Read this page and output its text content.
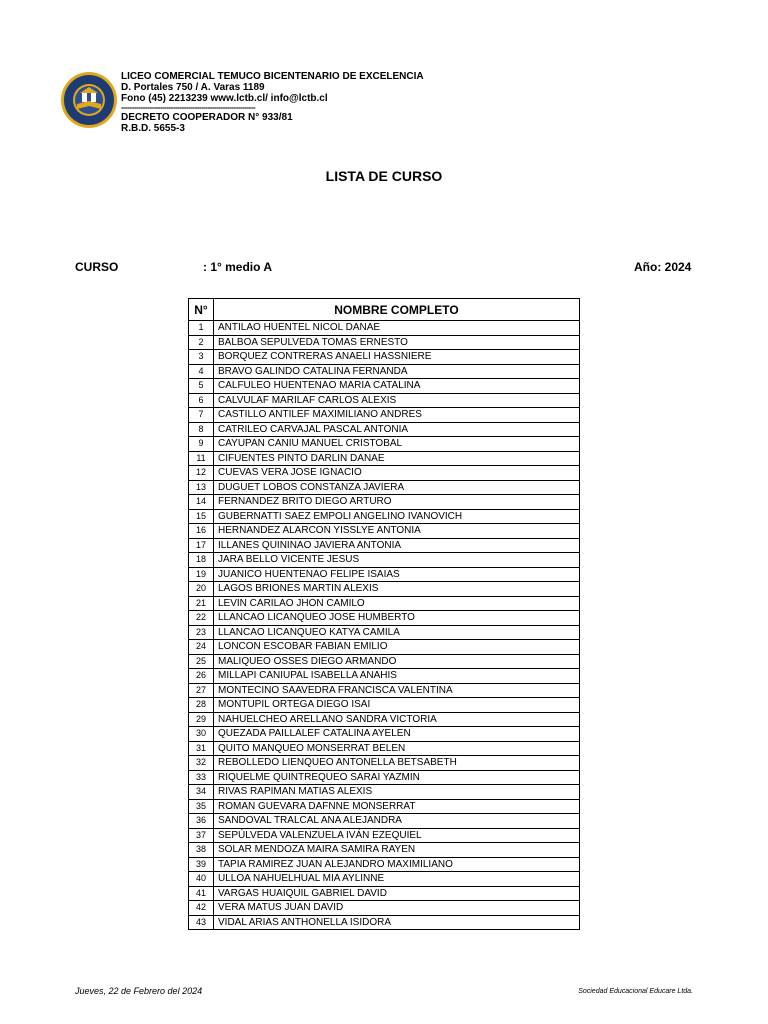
LICEO COMERCIAL TEMUCO BICENTENARIO DE EXCELENCIA
D. Portales 750 / A. Varas 1189
Fono (45) 2213239 www.lctb.cl/ info@lctb.cl
--------------------------------------------------------------
DECRETO COOPERADOR N° 933/81
R.B.D. 5655-3
LISTA DE CURSO
CURSO	: 1° medio A	Año: 2024
N°	NOMBRE COMPLETO
1	ANTILAO HUENTEL NICOL DANAE
2	BALBOA SEPULVEDA TOMAS ERNESTO
3	BORQUEZ CONTRERAS ANAELI HASSNIERE
4	BRAVO GALINDO CATALINA FERNANDA
5	CALFULEO HUENTENAO MARIA CATALINA
6	CALVULAF MARILAF CARLOS ALEXIS
7	CASTILLO ANTILEF MAXIMILIANO ANDRES
8	CATRILEO CARVAJAL PASCAL ANTONIA
9	CAYUPAN CANIU MANUEL CRISTOBAL
11	CIFUENTES PINTO DARLIN DANAE
12	CUEVAS VERA JOSE IGNACIO
13	DUGUET LOBOS CONSTANZA JAVIERA
14	FERNANDEZ BRITO DIEGO ARTURO
15	GUBERNATTI SAEZ EMPOLI ANGELINO IVANOVICH
16	HERNANDEZ ALARCON YISSLYE ANTONIA
17	ILLANES QUININAO JAVIERA ANTONIA
18	JARA BELLO VICENTE JESUS
19	JUANICO HUENTENAO FELIPE ISAIAS
20	LAGOS BRIONES MARTIN ALEXIS
21	LEVIN CARILAO JHON CAMILO
22	LLANCAO LICANQUEO JOSE HUMBERTO
23	LLANCAO LICANQUEO KATYA CAMILA
24	LONCON ESCOBAR FABIAN EMILIO
25	MALIQUEO OSSES DIEGO ARMANDO
26	MILLAPI CANIUPAL ISABELLA ANAHIS
27	MONTECINO SAAVEDRA FRANCISCA VALENTINA
28	MONTUPIL ORTEGA DIEGO ISAI
29	NAHUELCHEO ARELLANO SANDRA VICTORIA
30	QUEZADA PAILLALEF CATALINA AYELEN
31	QUITO MANQUEO MONSERRAT BELEN
32	REBOLLEDO LIENQUEO ANTONELLA BETSABETH
33	RIQUELME QUINTREQUEO SARAI YAZMIN
34	RIVAS RAPIMAN MATIAS ALEXIS
35	ROMAN GUEVARA DAFNNE MONSERRAT
36	SANDOVAL TRALCAL ANA ALEJANDRA
37	SEPÚLVEDA VALENZUELA IVÁN EZEQUIEL
38	SOLAR MENDOZA MAIRA SAMIRA RAYEN
39	TAPIA RAMIREZ JUAN ALEJANDRO MAXIMILIANO
40	ULLOA NAHUELHUAL MIA AYLINNE
41	VARGAS HUAIQUIL GABRIEL DAVID
42	VERA MATUS JUAN DAVID
43	VIDAL ARIAS ANTHONELLA ISIDORA
Jueves, 22 de Febrero del 2024	Sociedad Educacional Educare Ltda.
